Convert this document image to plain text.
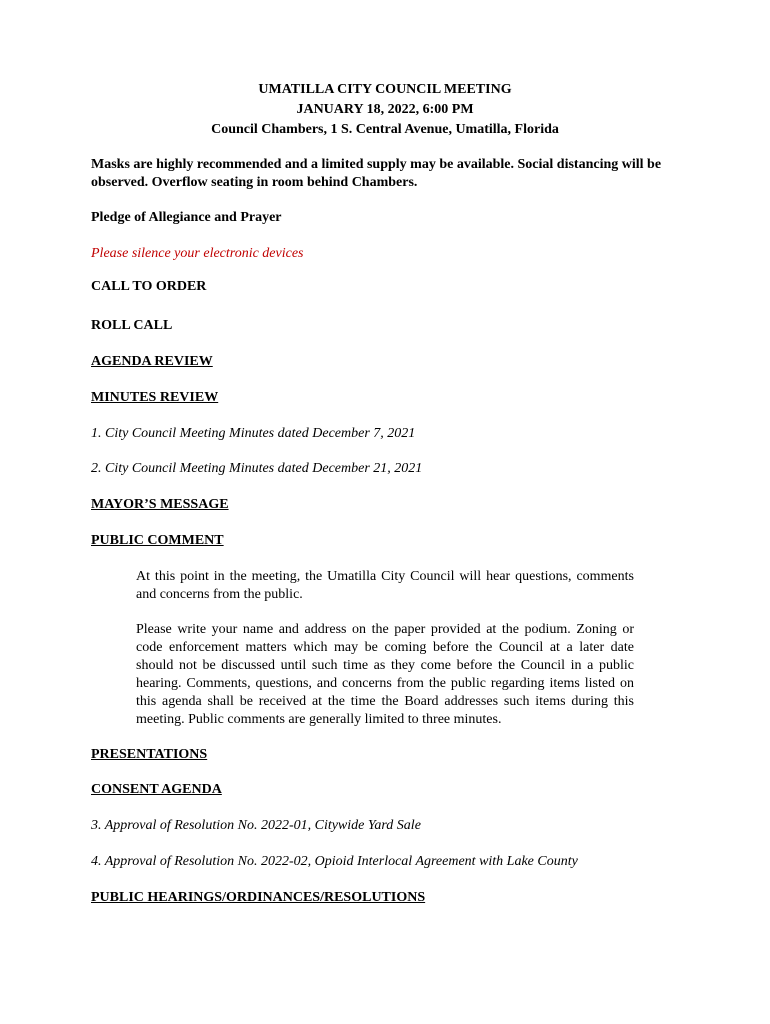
UMATILLA CITY COUNCIL MEETING
JANUARY 18, 2022, 6:00 PM
Council Chambers, 1 S. Central Avenue, Umatilla, Florida
Masks are highly recommended and a limited supply may be available. Social distancing will be observed. Overflow seating in room behind Chambers.
Pledge of Allegiance and Prayer
Please silence your electronic devices
CALL TO ORDER
ROLL CALL
AGENDA REVIEW
MINUTES REVIEW
1. City Council Meeting Minutes dated December 7, 2021
2. City Council Meeting Minutes dated December 21, 2021
MAYOR’S MESSAGE
PUBLIC COMMENT
At this point in the meeting, the Umatilla City Council will hear questions, comments and concerns from the public.
Please write your name and address on the paper provided at the podium. Zoning or code enforcement matters which may be coming before the Council at a later date should not be discussed until such time as they come before the Council in a public hearing. Comments, questions, and concerns from the public regarding items listed on this agenda shall be received at the time the Board addresses such items during this meeting. Public comments are generally limited to three minutes.
PRESENTATIONS
CONSENT AGENDA
3. Approval of Resolution No. 2022-01, Citywide Yard Sale
4. Approval of Resolution No. 2022-02, Opioid Interlocal Agreement with Lake County
PUBLIC HEARINGS/ORDINANCES/RESOLUTIONS
